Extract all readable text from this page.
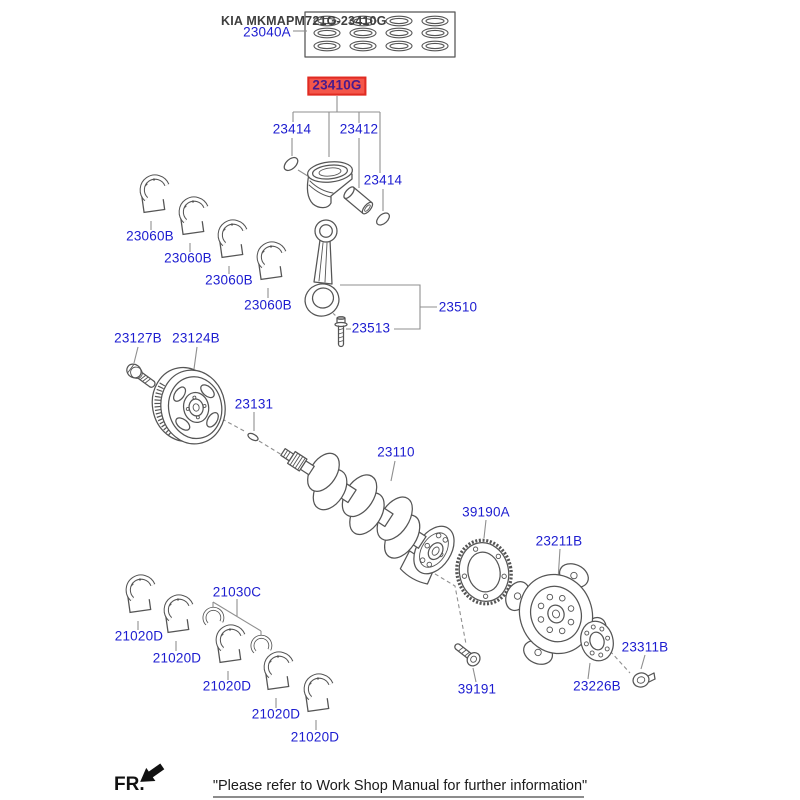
KIA MKMAPM721G-23410G
23040A
23410G
23414 23412
23414
23060B
23060B
23060B
23060B	23510
23513
23127B 23124B
23131
23110
39190A
23211B
21030C
21020D
21020D
21020D
21020D
21020D
39191	23226B
23311B
FR.	"Please refer to Work Shop Manual for further information"
